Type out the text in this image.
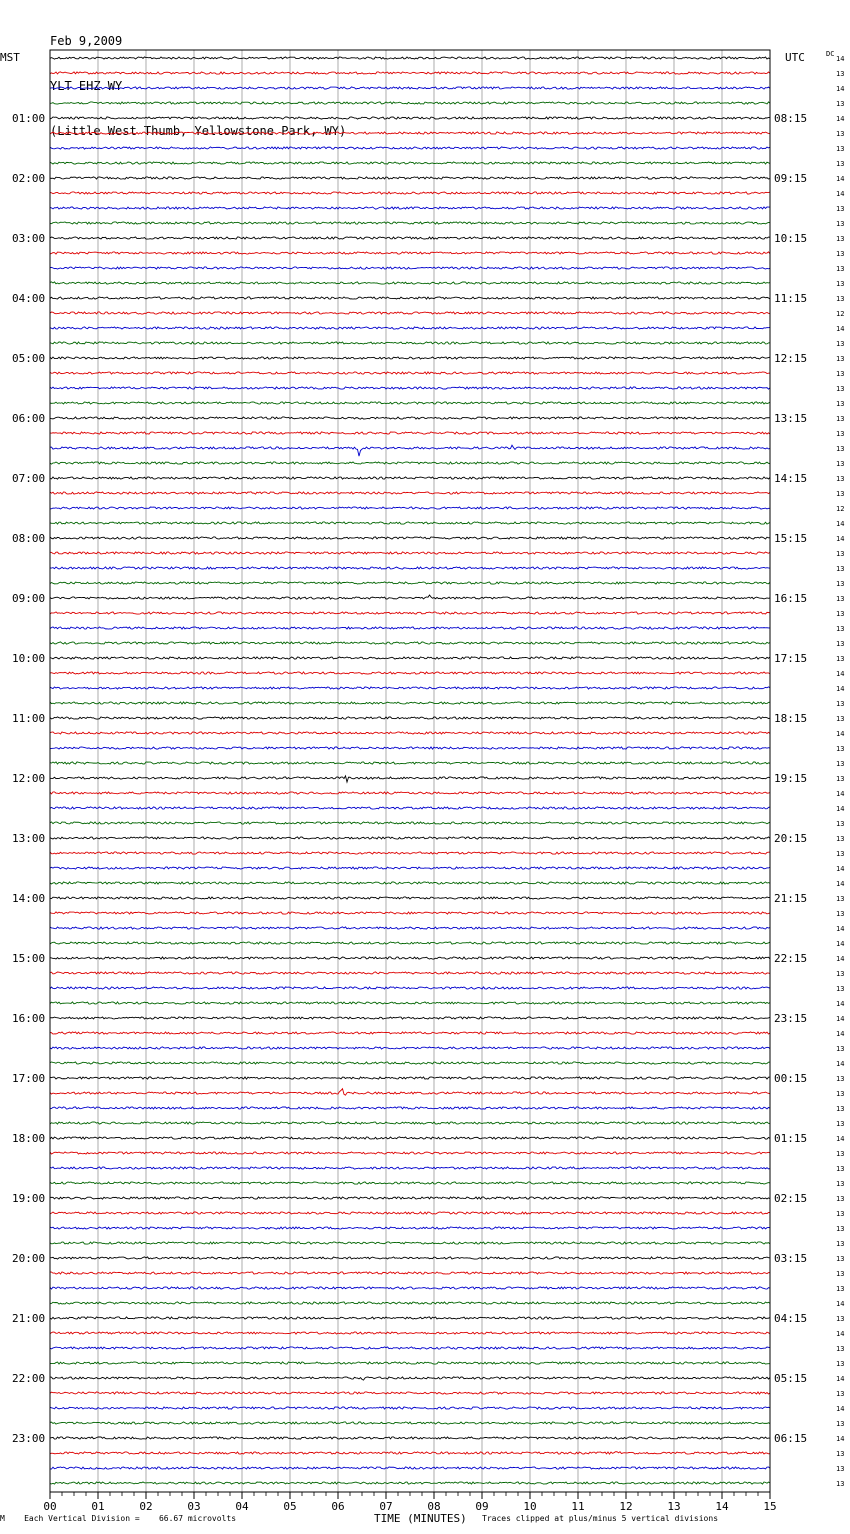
Feb 9,2009

YLT EHZ WY

(Little West Thumb, Yellowstone Park, WY)

14
13
14
13
14
13
13
13
14
14
13
13
13
13
13
13
13
12
14
13
13
13
13
13
13
13
13
13
13
13
12
14
14
13
13
13
13
13
13
13
13
14
14
13
13
14
13
13
13
14
14
13
13
13
14
14
13
13
14
14
14
13
13
14
14
14
13
14
13
13
13
13
14
13
13
13
13
13
13
13
13
13
13
14
13
14
13
13
14
13
14
13
14
13
13
13
DC
MST	UTC
01:00
02:00
03:00
04:00
05:00
06:00
07:00
08:00
09:00
10:00
11:00
12:00
13:00
14:00
15:00
16:00
17:00
18:00
19:00
20:00
21:00
22:00
23:00
08:15
09:15
10:15
11:15
12:15
13:15
14:15
15:15
16:15
17:15
18:15
19:15
20:15
21:15
22:15
23:15
00:15
01:15
02:15
03:15
04:15
05:15
06:15
00	01	02	03	04	05	06	07	08	09	10	11	12	13	14	15
M Each Vertical Division =    66.67 microvolts	TIME (MINUTES) Traces clipped at plus/minus 5 vertical divisions
